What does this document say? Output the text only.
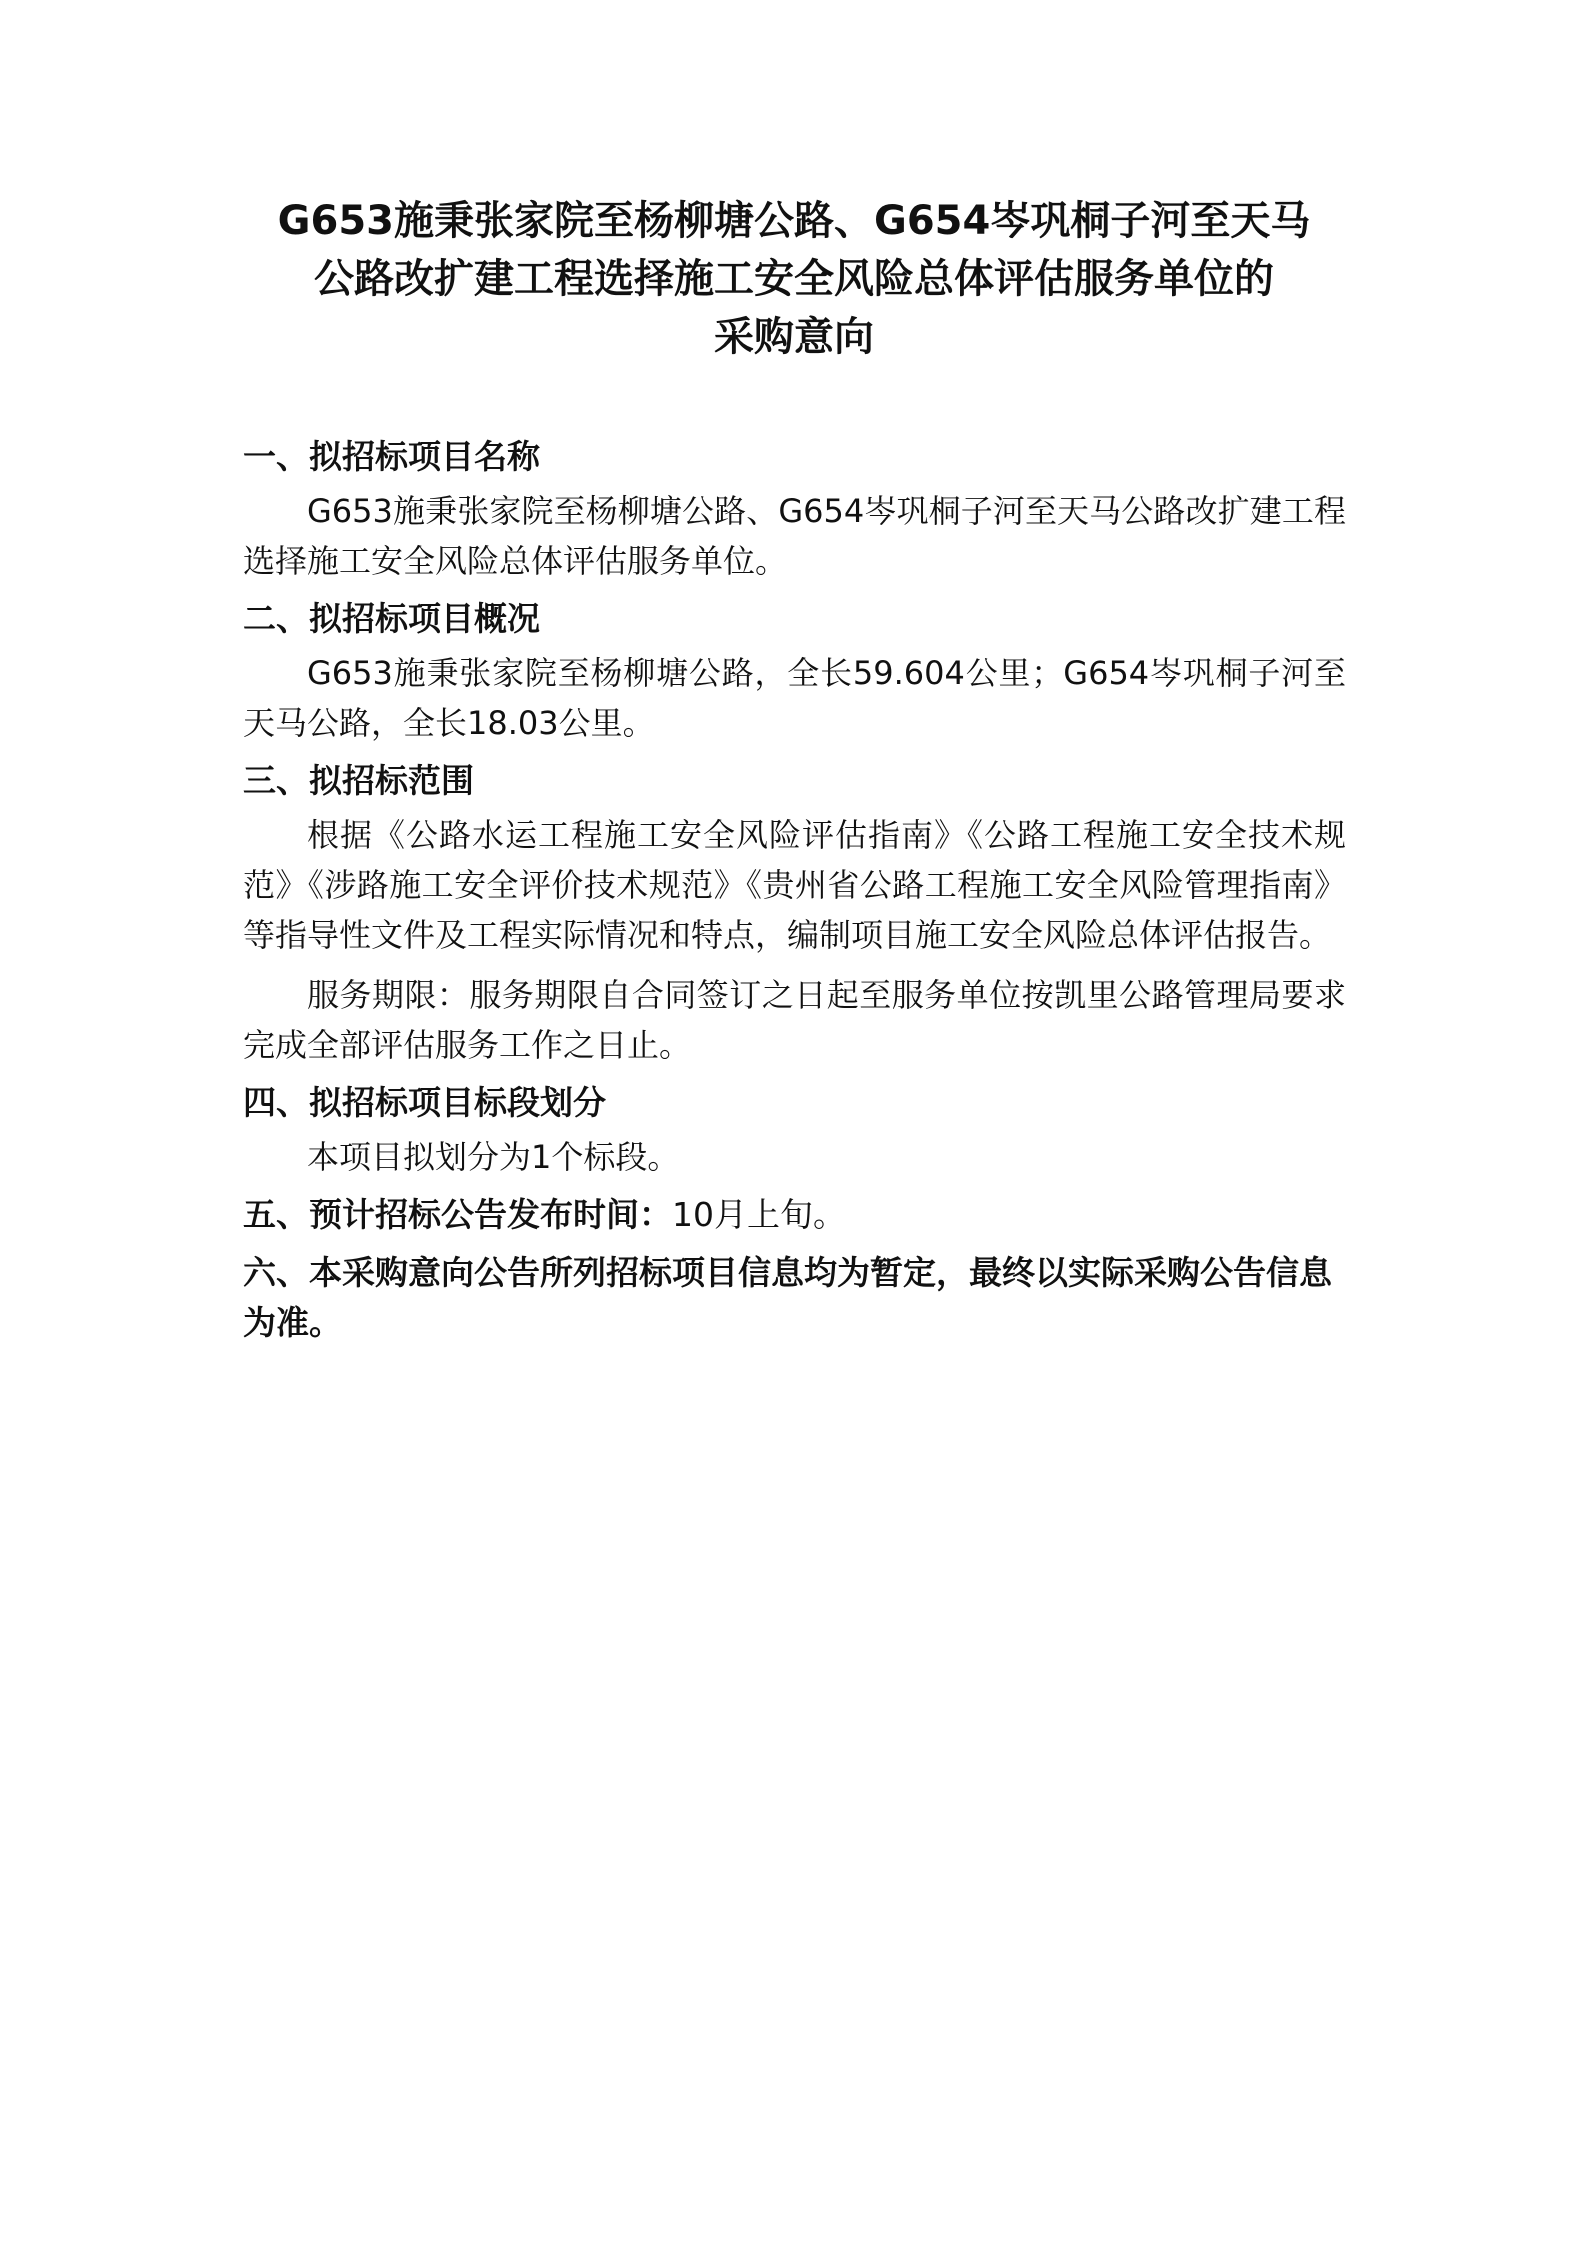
G653施秉张家院至杨柳塘公路、G654岑巩桐子河至天马
公路改扩建工程选择施工安全风险总体评估服务单位的
采购意向

一、拟招标项目名称

G653施秉张家院至杨柳塘公路、G654岑巩桐子河至天马公路改扩建工程选择施工安全风险总体评估服务单位。

二、拟招标项目概况

G653施秉张家院至杨柳塘公路，全长59.604公里；G654岑巩桐子河至天马公路，全长18.03公里。

三、拟招标范围

根据《公路水运工程施工安全风险评估指南》《公路工程施工安全技术规范》《涉路施工安全评价技术规范》《贵州省公路工程施工安全风险管理指南》等指导性文件及工程实际情况和特点，编制项目施工安全风险总体评估报告。

服务期限：服务期限自合同签订之日起至服务单位按凯里公路管理局要求完成全部评估服务工作之日止。

四、拟招标项目标段划分

本项目拟划分为1个标段。

五、预计招标公告发布时间：10月上旬。

六、本采购意向公告所列招标项目信息均为暂定，最终以实际采购公告信息为准。
